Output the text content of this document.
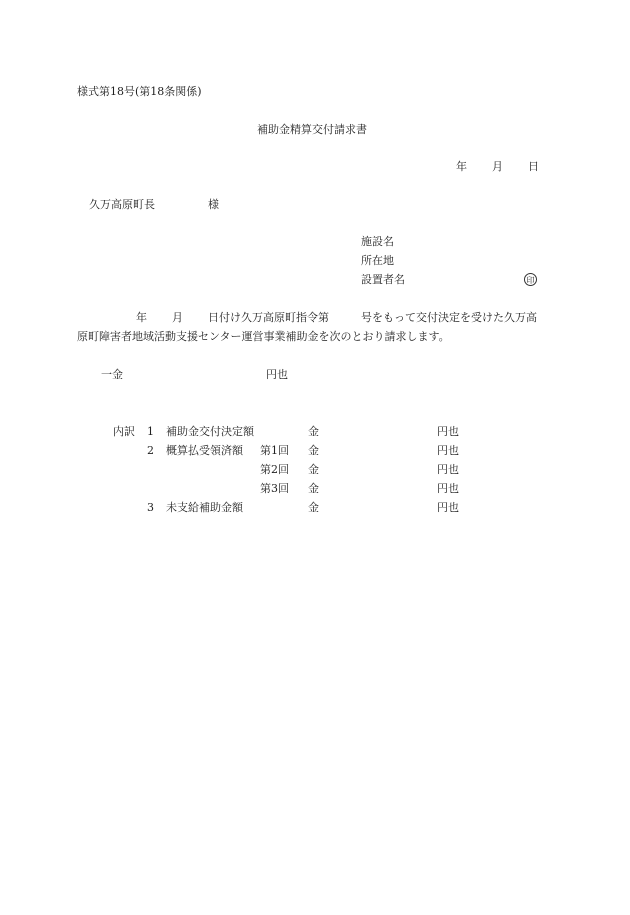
様式第18号(第18条関係)
補助金精算交付請求書
年 月 日
久万高原町長	様
施設名
所在地
設置者名	印
年 月 日付け久万高原町指令第	号をもって交付決定を受けた久万高
原町障害者地域活動支援センター運営事業補助金を次のとおり請求します。
一金	円也
内訳 1 補助金交付決定額	金	円也
2 概算払受領済額 第1回 金	円也
第2回 金	円也
第3回 金	円也
3 未支給補助金額	金	円也
